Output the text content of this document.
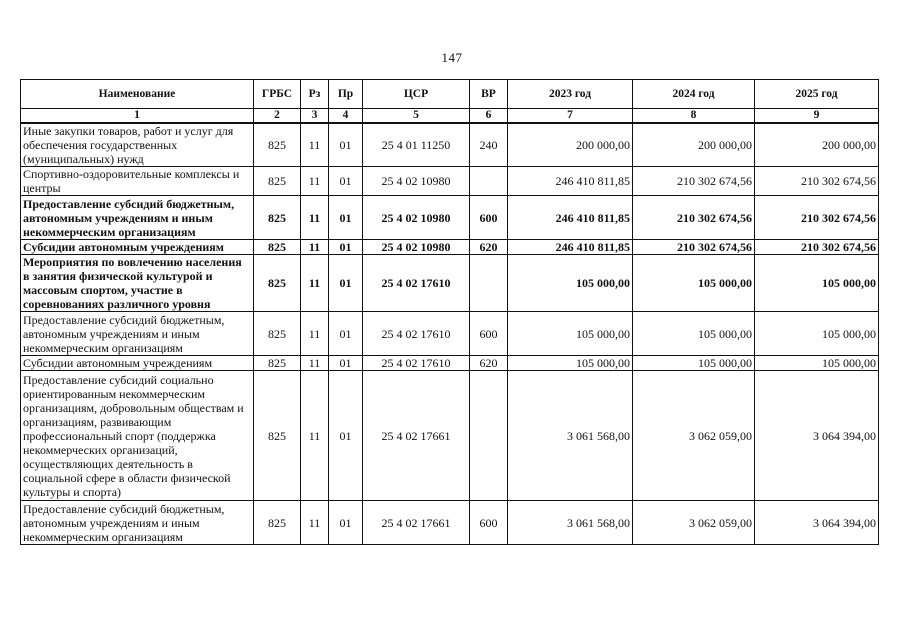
147
Наименование	ГРБС	Рз	Пр	ЦСР	ВР	2023 год	2024 год	2025 год
1	2	3	4	5	6	7	8	9
Иные закупки товаров, работ и услуг для обеспечения государственных (муниципальных) нужд	825	11	01	25 4 01 11250	240	200 000,00	200 000,00	200 000,00
Спортивно-оздоровительные комплексы и центры	825	11	01	25 4 02 10980		246 410 811,85	210 302 674,56	210 302 674,56
Предоставление субсидий бюджетным, автономным учреждениям и иным некоммерческим организациям	825	11	01	25 4 02 10980	600	246 410 811,85	210 302 674,56	210 302 674,56
Субсидии автономным учреждениям	825	11	01	25 4 02 10980	620	246 410 811,85	210 302 674,56	210 302 674,56
Мероприятия по вовлечению населения в занятия физической культурой и массовым спортом, участие в соревнованиях различного уровня	825	11	01	25 4 02 17610		105 000,00	105 000,00	105 000,00
Предоставление субсидий бюджетным, автономным учреждениям и иным некоммерческим организациям	825	11	01	25 4 02 17610	600	105 000,00	105 000,00	105 000,00
Субсидии автономным учреждениям	825	11	01	25 4 02 17610	620	105 000,00	105 000,00	105 000,00
Предоставление субсидий социально ориентированным некоммерческим организациям, добровольным обществам и организациям, развивающим профессиональный спорт (поддержка некоммерческих организаций, осуществляющих деятельность в социальной сфере в области физической культуры и спорта)	825	11	01	25 4 02 17661		3 061 568,00	3 062 059,00	3 064 394,00
Предоставление субсидий бюджетным, автономным учреждениям и иным некоммерческим организациям	825	11	01	25 4 02 17661	600	3 061 568,00	3 062 059,00	3 064 394,00
